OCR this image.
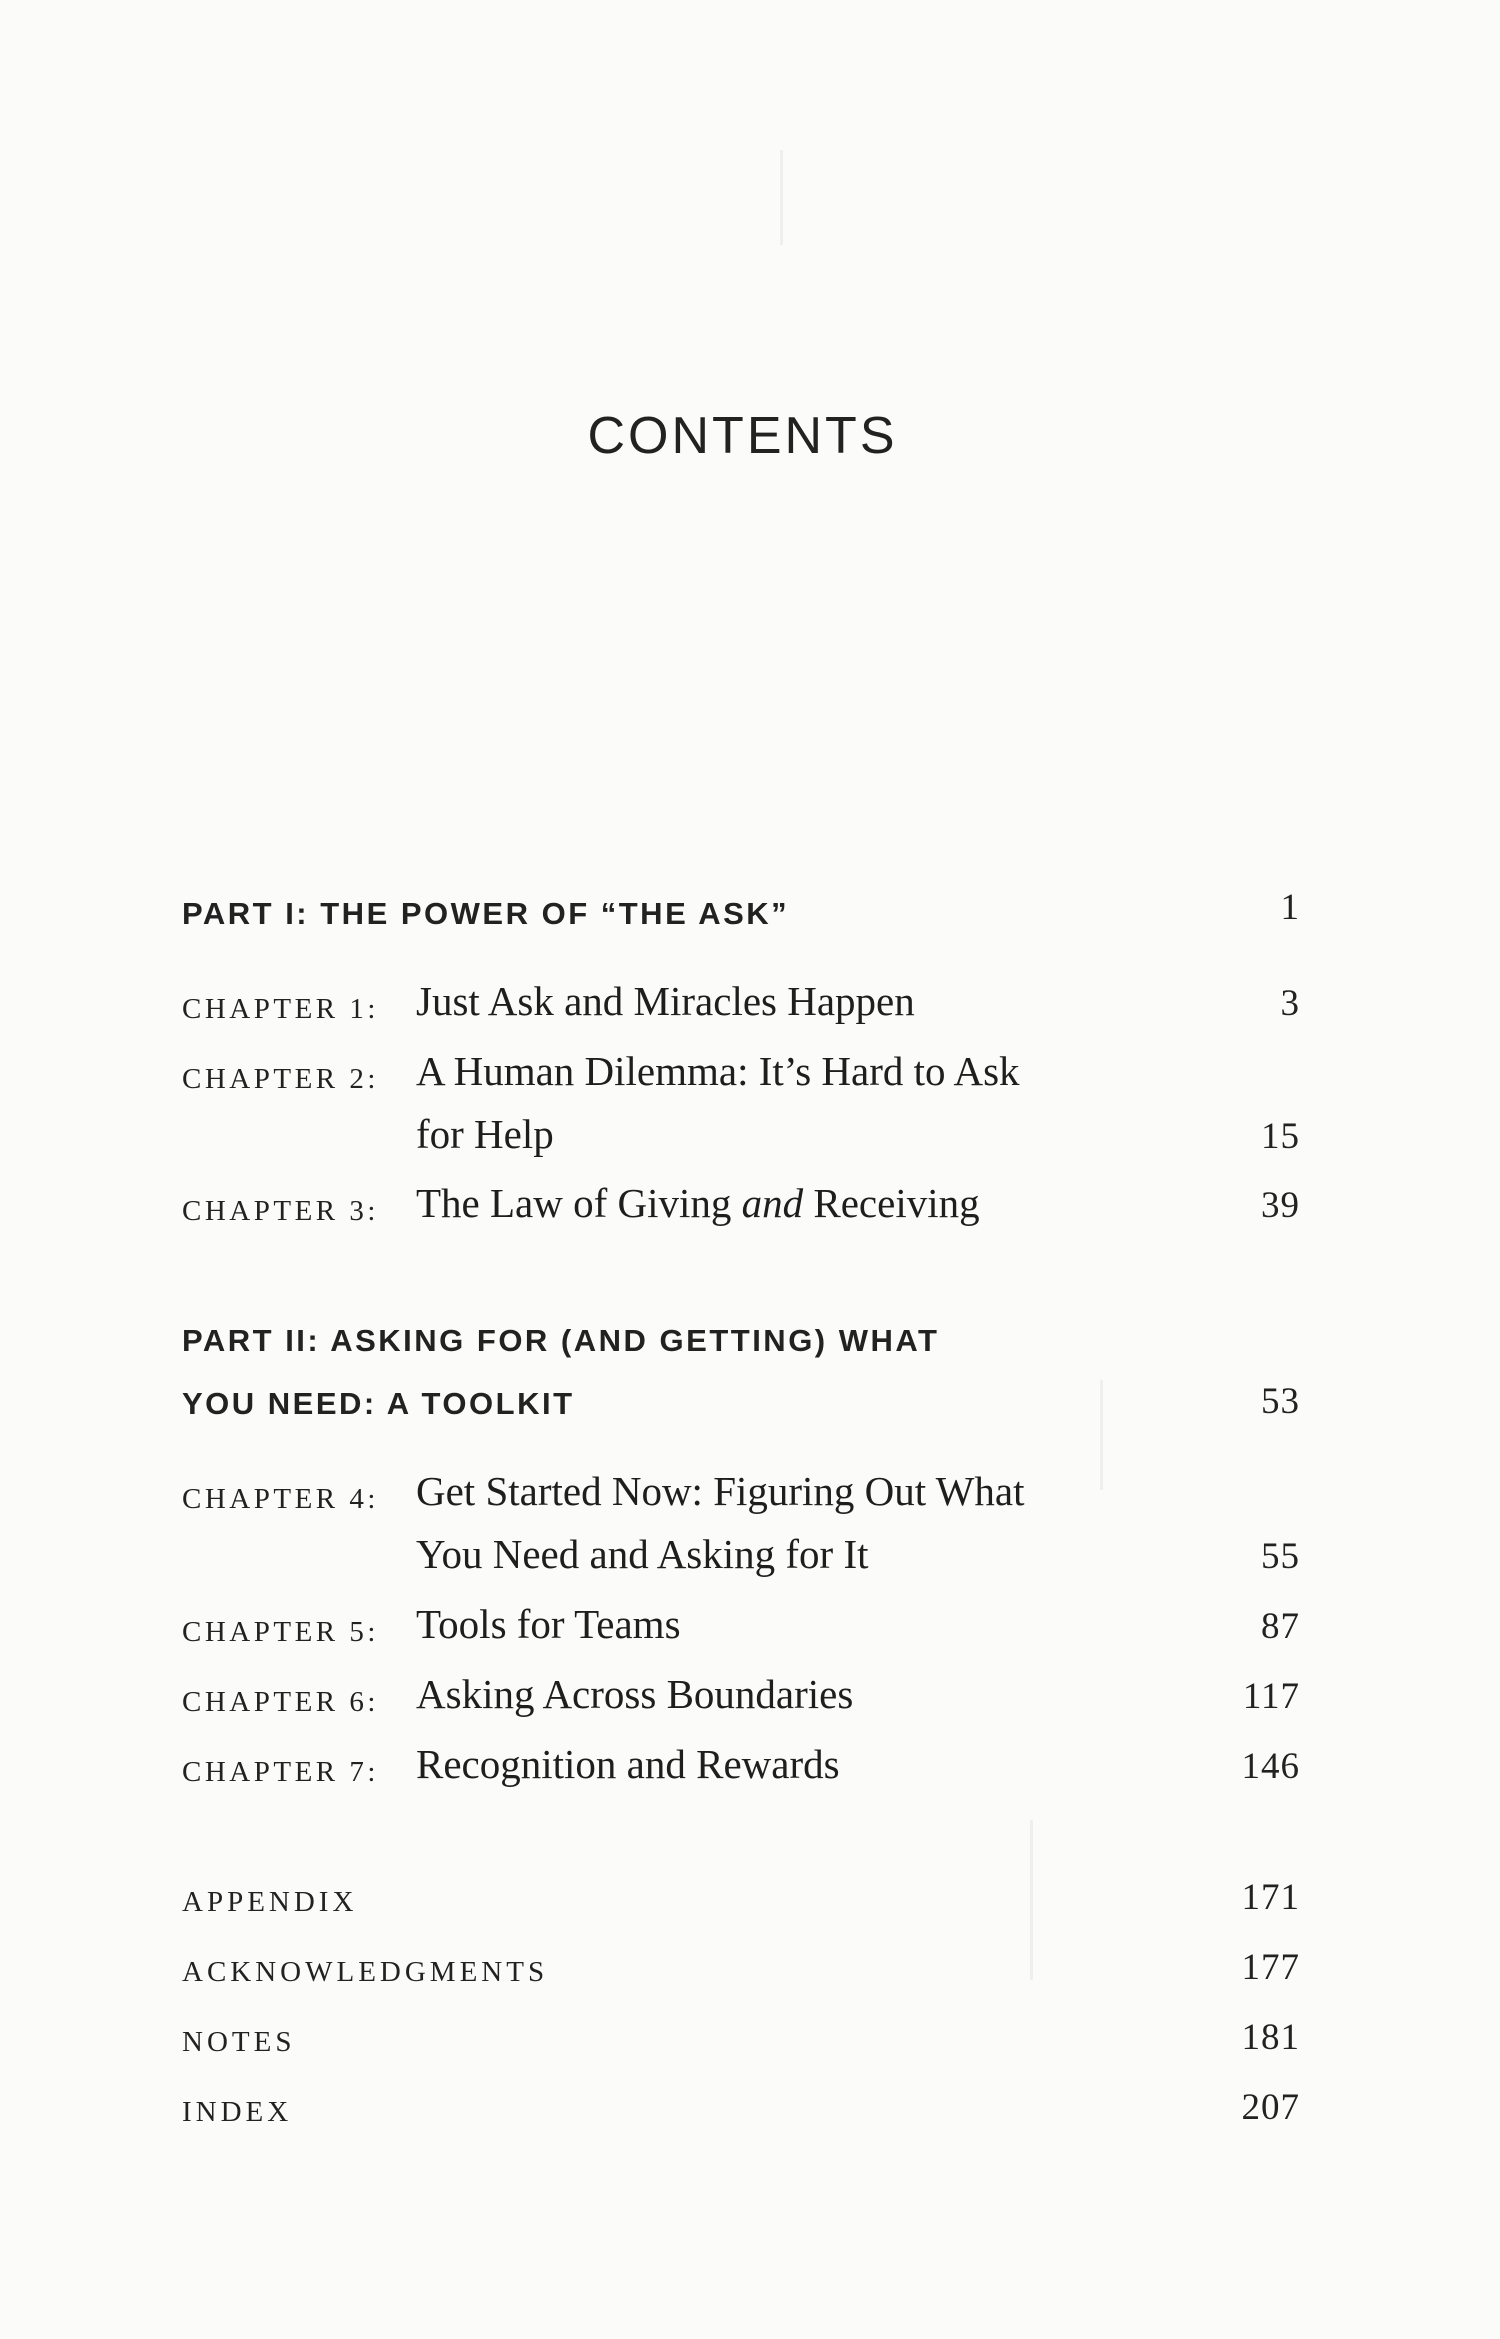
CONTENTS
PART I: THE POWER OF “THE ASK”	1
CHAPTER 1: Just Ask and Miracles Happen	3
CHAPTER 2: A Human Dilemma: It’s Hard to Ask
for Help	15
CHAPTER 3: The Law of Giving and Receiving	39
PART II: ASKING FOR (AND GETTING) WHAT
YOU NEED: A TOOLKIT	53
CHAPTER 4: Get Started Now: Figuring Out What
You Need and Asking for It	55
CHAPTER 5: Tools for Teams	87
CHAPTER 6: Asking Across Boundaries	117
CHAPTER 7: Recognition and Rewards	146
APPENDIX	171
ACKNOWLEDGMENTS	177
NOTES	181
INDEX	207
